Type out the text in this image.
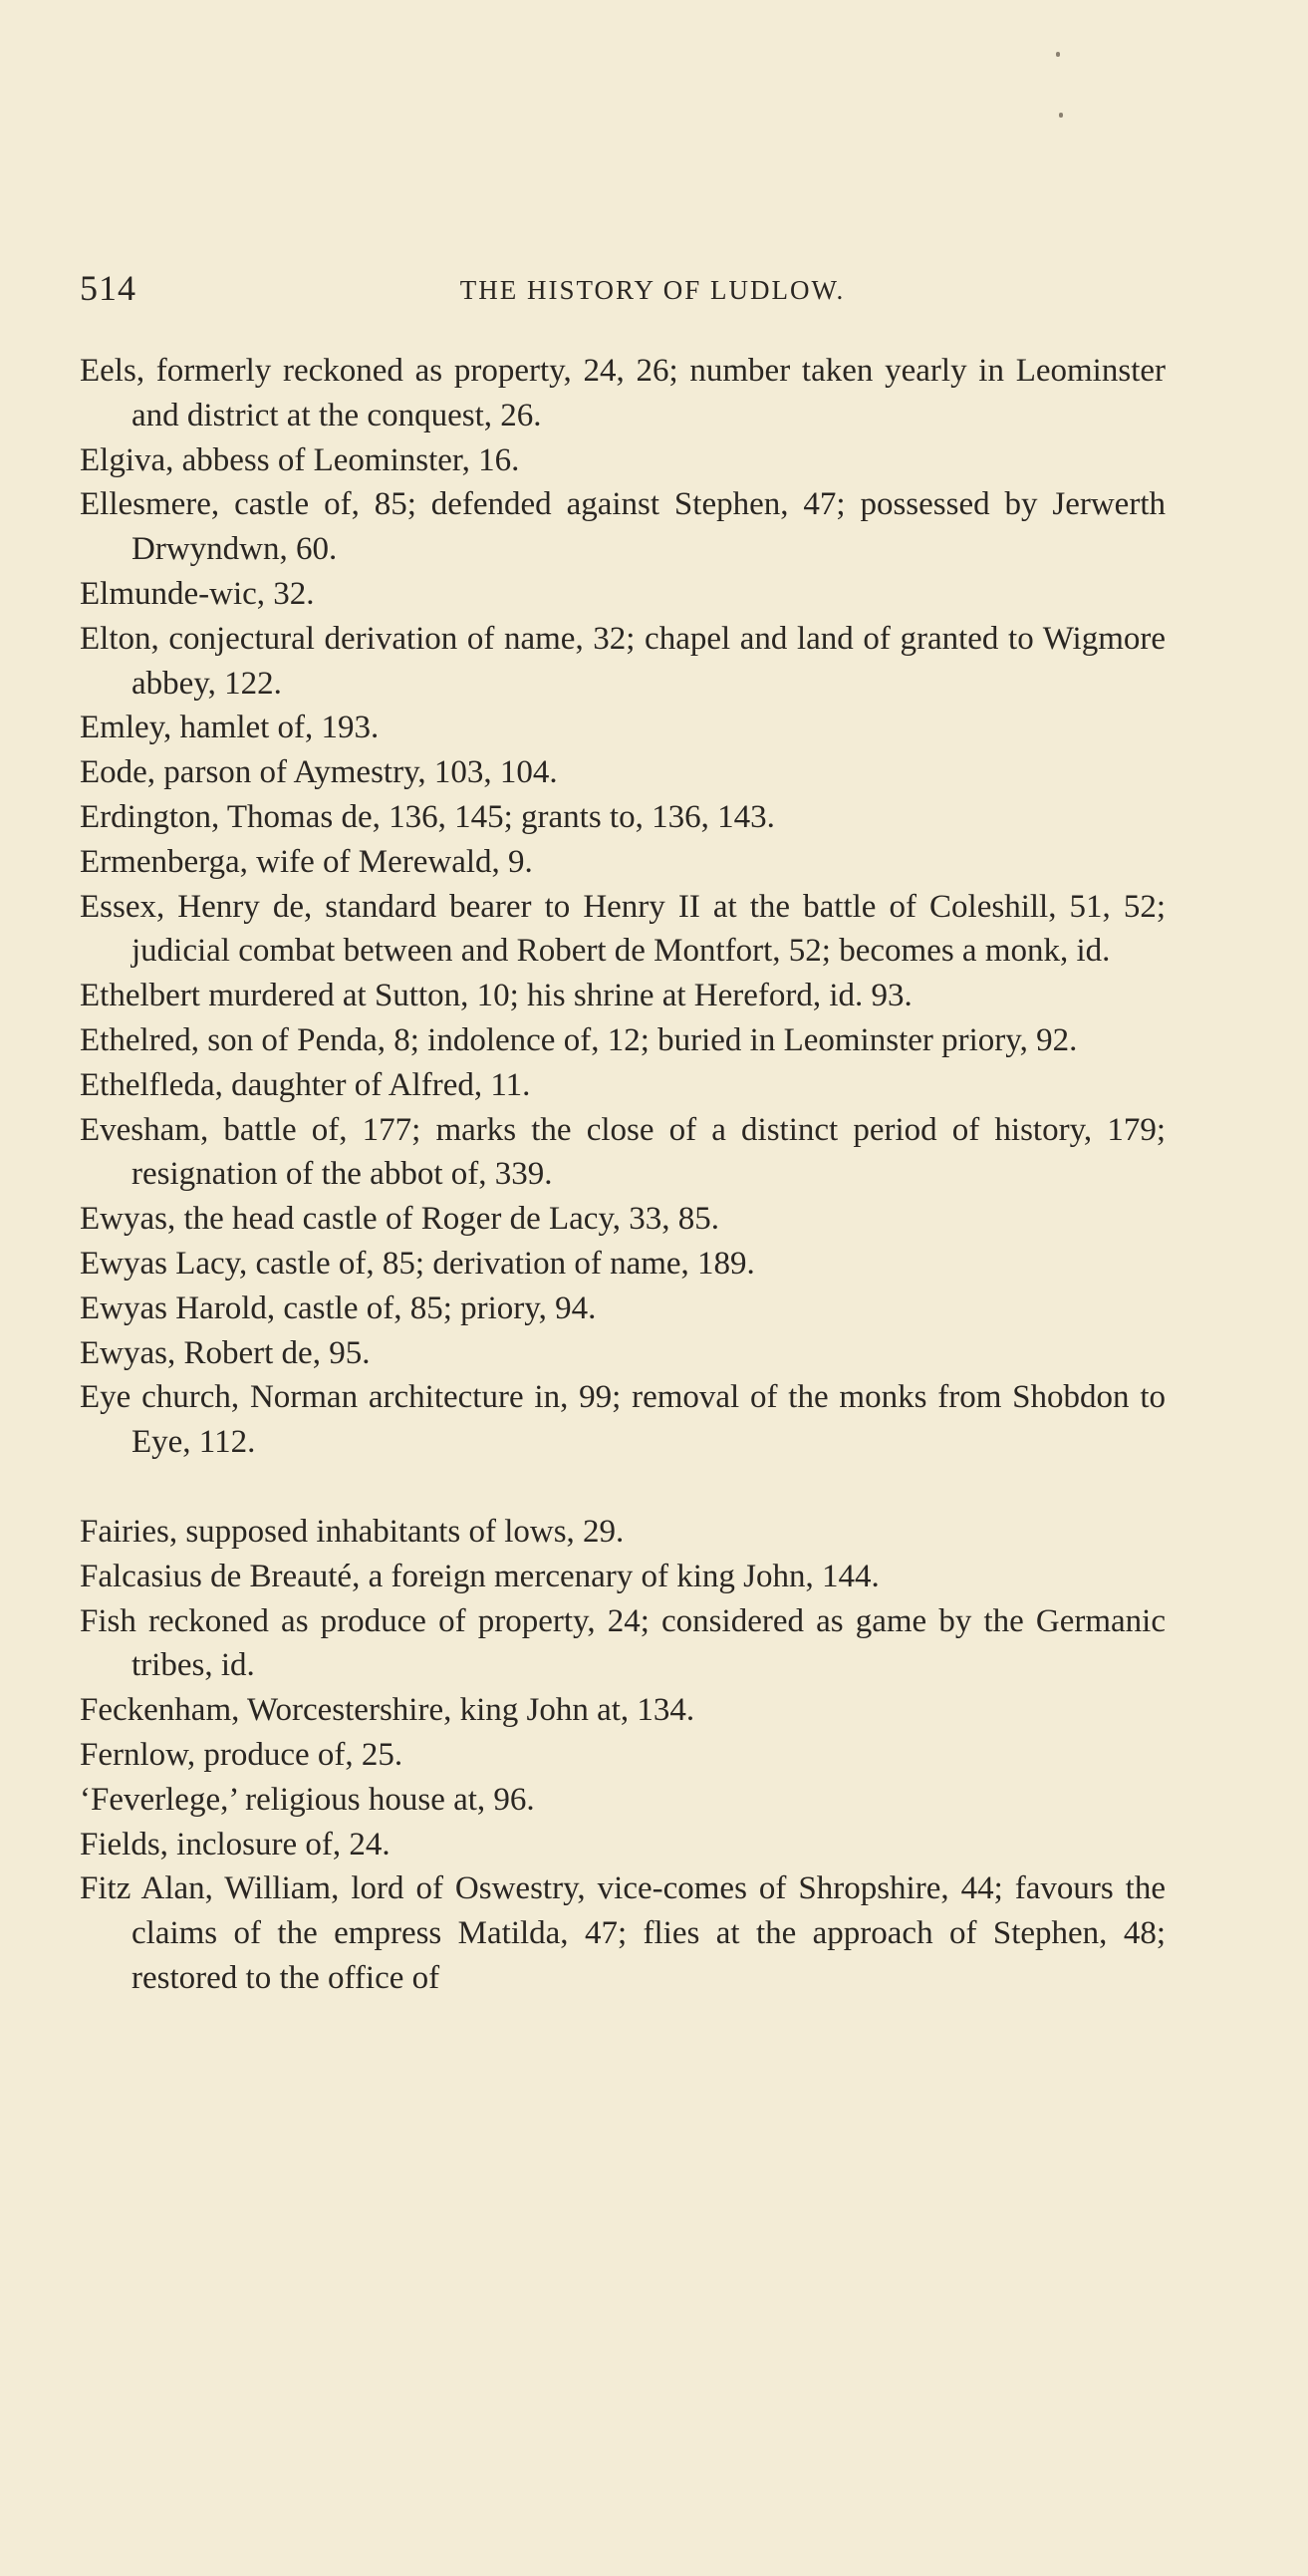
514	THE HISTORY OF LUDLOW.

Eels, formerly reckoned as property, 24, 26; number taken yearly in Leominster and district at the conquest, 26.

Elgiva, abbess of Leominster, 16.

Ellesmere, castle of, 85; defended against Stephen, 47; possessed by Jerwerth Drwyndwn, 60.

Elmunde-wic, 32.

Elton, conjectural derivation of name, 32; chapel and land of granted to Wigmore abbey, 122.

Emley, hamlet of, 193.

Eode, parson of Aymestry, 103, 104.

Erdington, Thomas de, 136, 145; grants to, 136, 143.

Ermenberga, wife of Merewald, 9.

Essex, Henry de, standard bearer to Henry II at the battle of Coleshill, 51, 52; judicial combat between and Robert de Montfort, 52; becomes a monk, id.

Ethelbert murdered at Sutton, 10; his shrine at Hereford, id. 93.

Ethelred, son of Penda, 8; indolence of, 12; buried in Leominster priory, 92.

Ethelfleda, daughter of Alfred, 11.

Evesham, battle of, 177; marks the close of a distinct period of history, 179; resignation of the abbot of, 339.

Ewyas, the head castle of Roger de Lacy, 33, 85.

Ewyas Lacy, castle of, 85; derivation of name, 189.

Ewyas Harold, castle of, 85; priory, 94.

Ewyas, Robert de, 95.

Eye church, Norman architecture in, 99; removal of the monks from Shobdon to Eye, 112.

Fairies, supposed inhabitants of lows, 29.

Falcasius de Breauté, a foreign mercenary of king John, 144.

Fish reckoned as produce of property, 24; considered as game by the Germanic tribes, id.

Feckenham, Worcestershire, king John at, 134.

Fernlow, produce of, 25.

‘Feverlege,’ religious house at, 96.

Fields, inclosure of, 24.

Fitz Alan, William, lord of Oswestry, vice-comes of Shropshire, 44; favours the claims of the empress Matilda, 47; flies at the approach of Stephen, 48; restored to the office of
